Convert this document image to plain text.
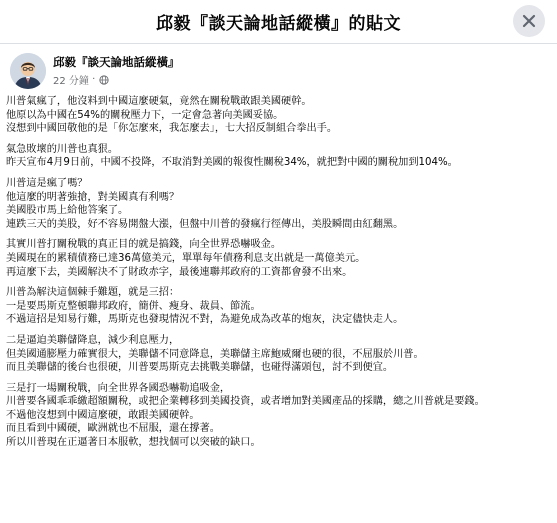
邱毅『談天論地話縱橫』的貼文
邱毅『談天論地話縱橫』
22 分鐘 ·
川普氣瘋了，他沒料到中國這麼硬氣，竟然在關稅戰敢跟美國硬幹。
他原以為中國在54%的關稅壓力下，一定會急著向美國妥協。
沒想到中國回敬他的是「你怎麼來，我怎麼去」，七大招反制組合拳出手。
氣急敗壞的川普也真狠。
昨天宣布4月9日前，中國不投降，不取消對美國的報復性關稅34%，就把對中國的關稅加到104%。
川普這是瘋了嗎？
他這麼的明著強搶，對美國真有利嗎？
美國股市馬上給他答案了。
連跌三天的美股，好不容易開盤大漲，但盤中川普的發瘋行徑傳出，美股瞬間由紅翻黑。
其實川普打關稅戰的真正目的就是搞錢，向全世界恐嚇吸金。
美國現在的累積債務已達36萬億美元，單單每年債務利息支出就是一萬億美元。
再這麼下去，美國解決不了財政赤字，最後連聯邦政府的工資都會發不出來。
川普為解決這個棘手難題，就是三招：
一是要馬斯克整頓聯邦政府，簡併、瘦身、裁員、節流。
不過這招是知易行難，馬斯克也發現情況不對，為避免成為改革的炮灰，決定儘快走人。
二是逼迫美聯儲降息，減少利息壓力，
但美國通膨壓力確實很大，美聯儲不同意降息，美聯儲主席鮑威爾也硬的很，不屈服於川普。
而且美聯儲的後台也很硬，川普要馬斯克去挑戰美聯儲，也碰得滿頭包，討不到便宜。
三是打一場關稅戰，向全世界各國恐嚇勒追吸金，
川普要各國乖乖繳超額關稅，或把企業轉移到美國投資，或者增加對美國產品的採購，總之川普就是要錢。
不過他沒想到中國這麼硬，敢跟美國硬幹。
而且看到中國硬，歐洲就也不屈服，還在撐著。
所以川普現在正逼著日本服軟，想找個可以突破的缺口。
